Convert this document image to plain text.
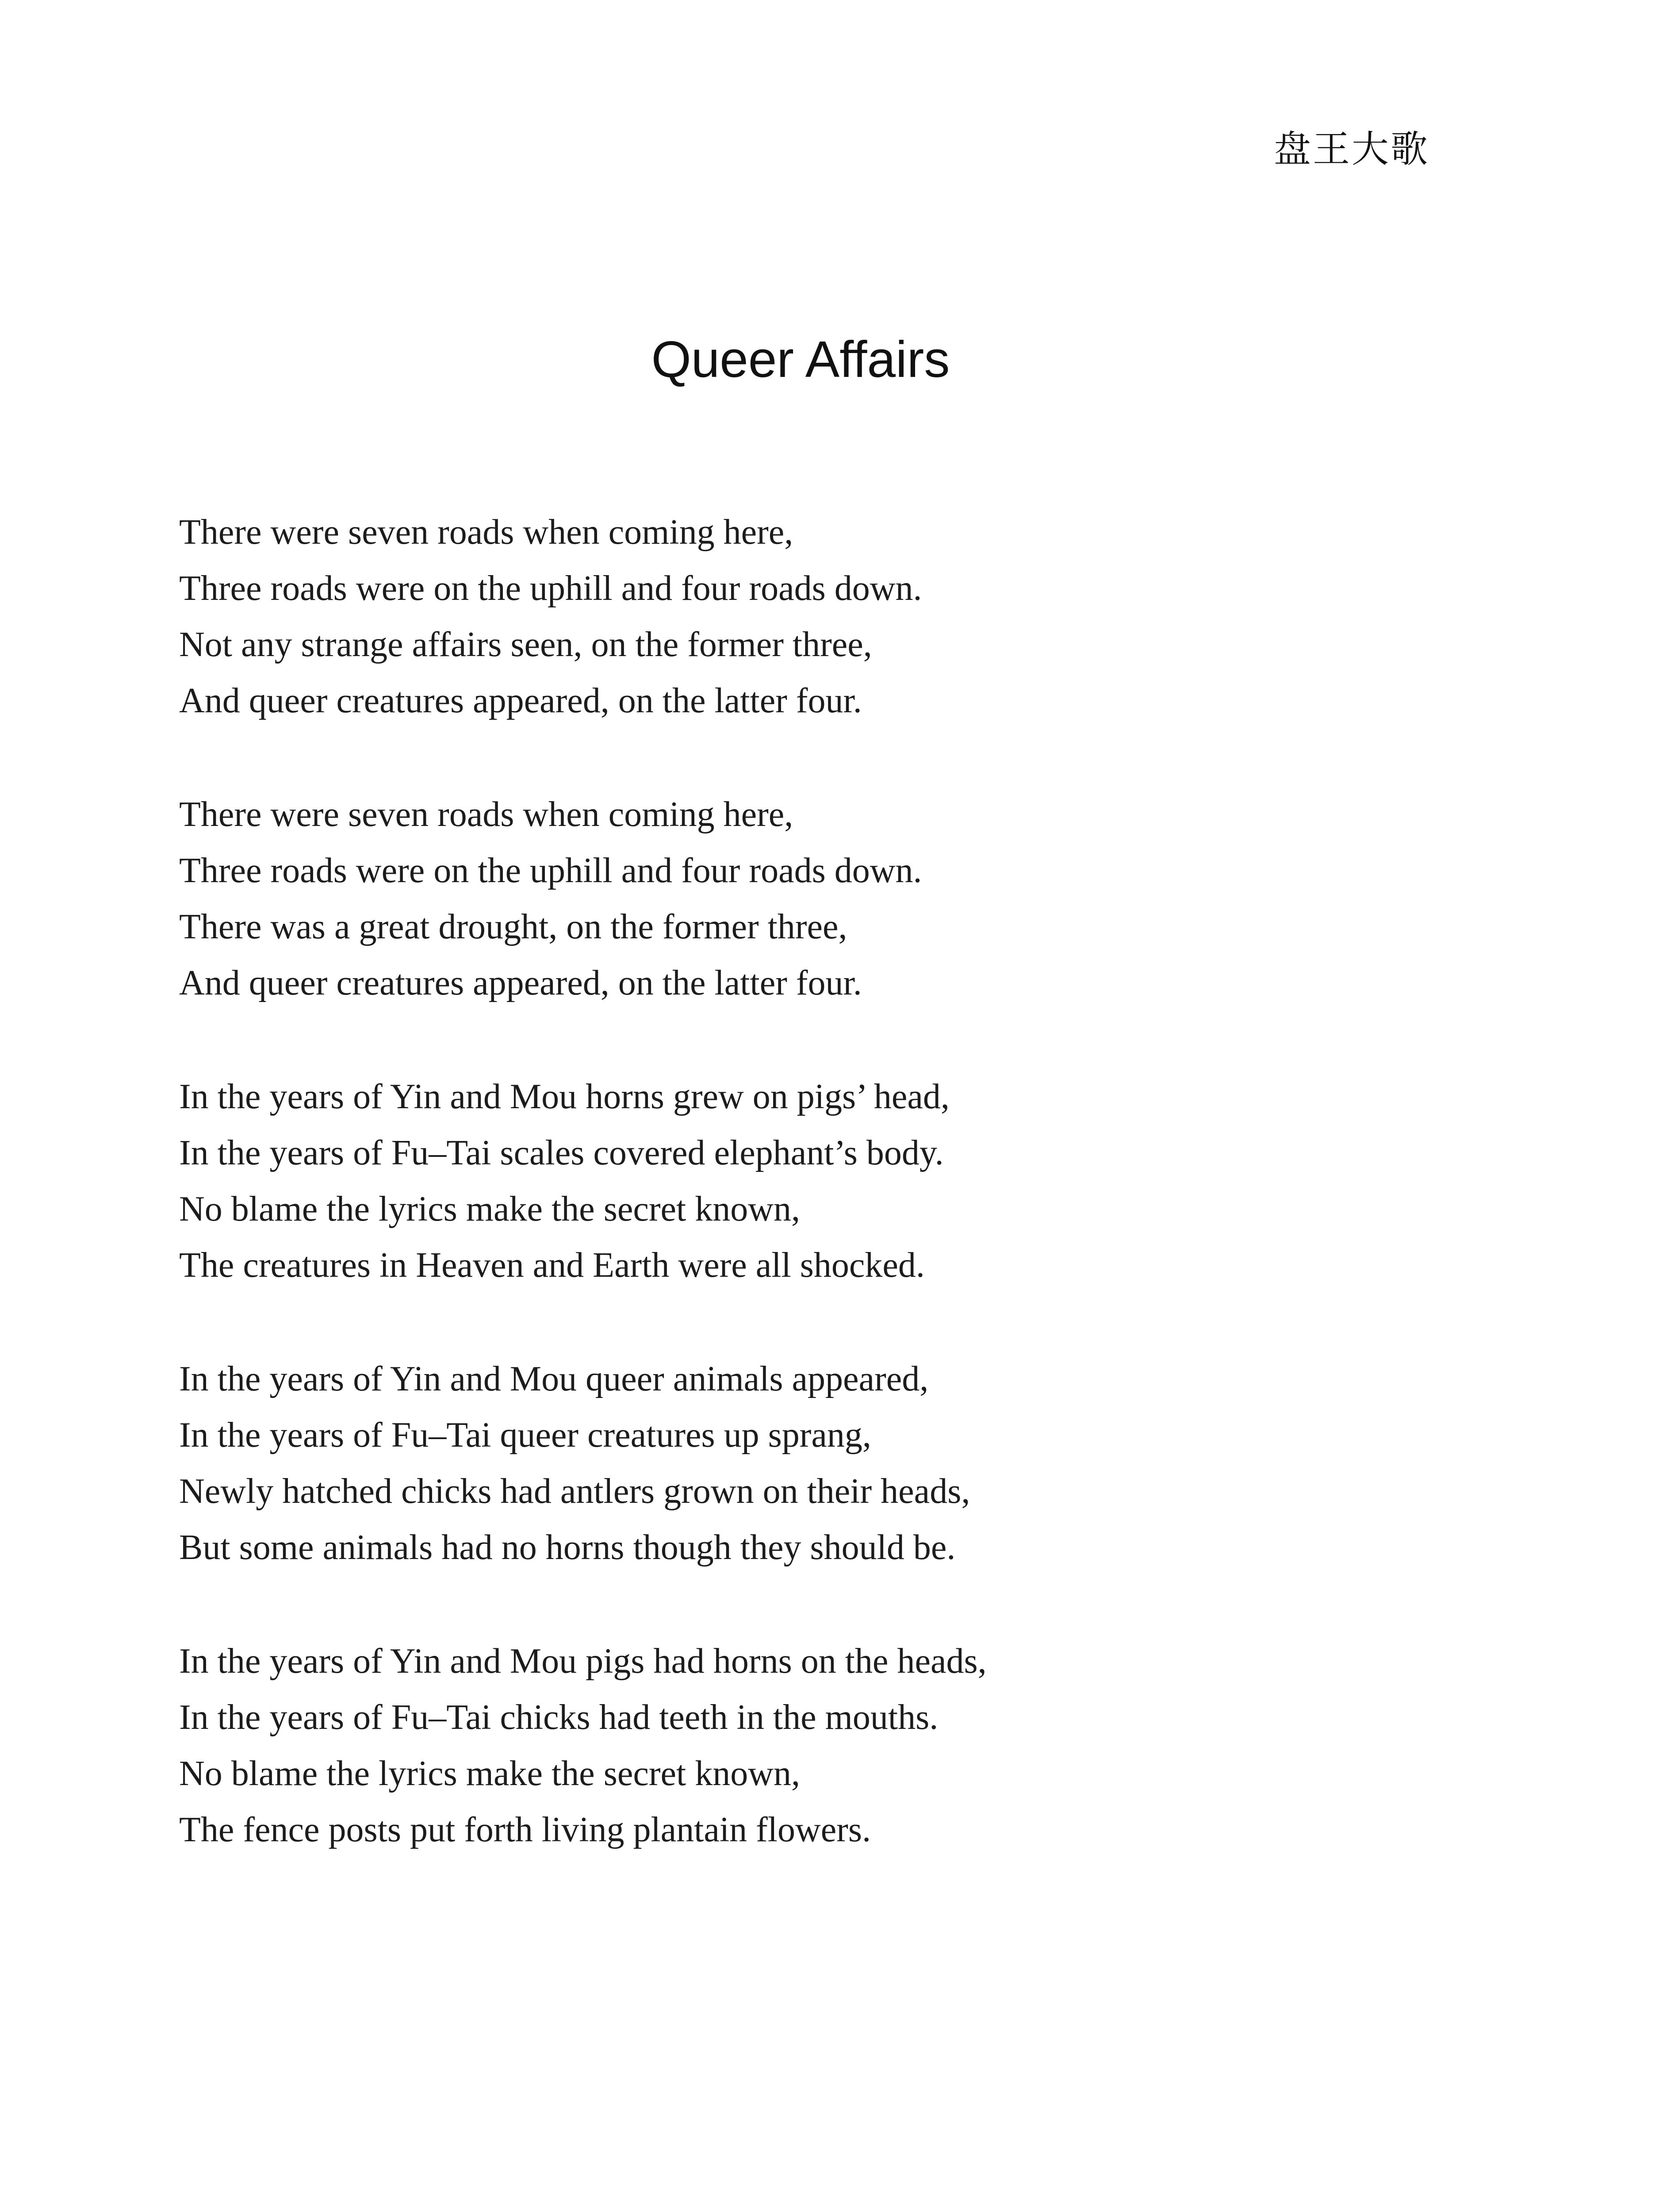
盘王大歌
Queer Affairs
There were seven roads when coming here,
Three roads were on the uphill and four roads down.
Not any strange affairs seen, on the former three,
And queer creatures appeared, on the latter four.
There were seven roads when coming here,
Three roads were on the uphill and four roads down.
There was a great drought, on the former three,
And queer creatures appeared, on the latter four.
In the years of Yin and Mou horns grew on pigs’ head,
In the years of Fu–Tai scales covered elephant’s body.
No blame the lyrics make the secret known,
The creatures in Heaven and Earth were all shocked.
In the years of Yin and Mou queer animals appeared,
In the years of Fu–Tai queer creatures up sprang,
Newly hatched chicks had antlers grown on their heads,
But some animals had no horns though they should be.
In the years of Yin and Mou pigs had horns on the heads,
In the years of Fu–Tai chicks had teeth in the mouths.
No blame the lyrics make the secret known,
The fence posts put forth living plantain flowers.
